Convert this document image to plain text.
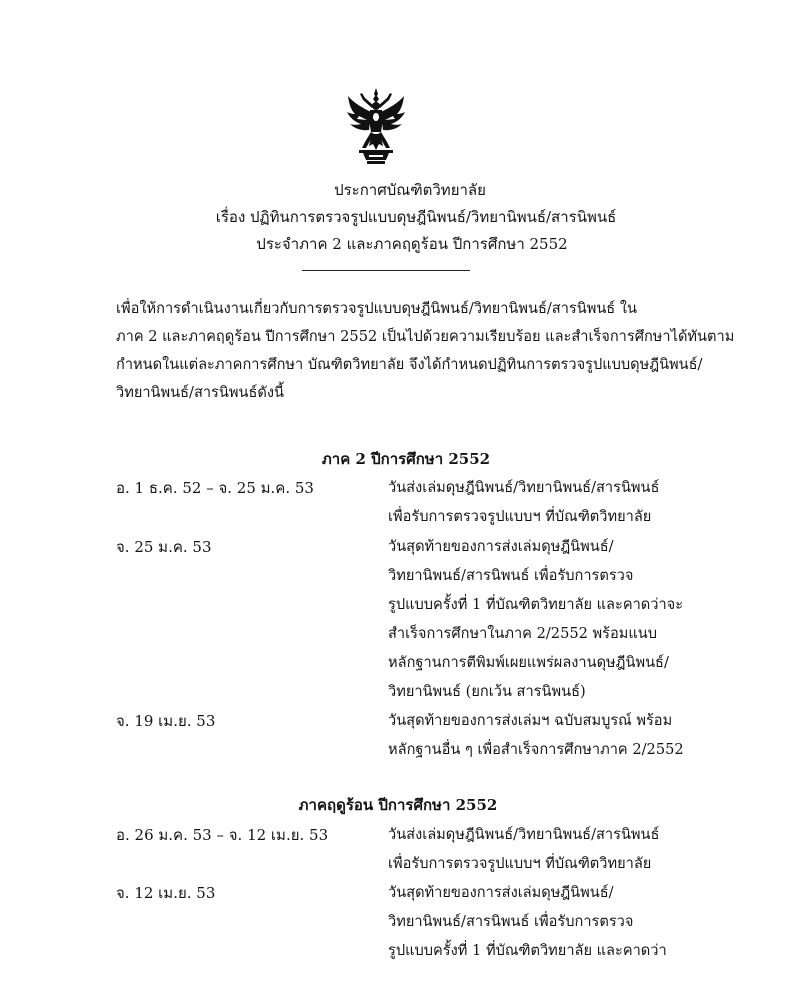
ประกาศบัณฑิตวิทยาลัย
เรื่อง ปฏิทินการตรวจรูปแบบดุษฎีนิพนธ์/วิทยานิพนธ์/สารนิพนธ์
ประจำภาค 2 และภาคฤดูร้อน ปีการศึกษา 2552
เพื่อให้การดำเนินงานเกี่ยวกับการตรวจรูปแบบดุษฎีนิพนธ์/วิทยานิพนธ์/สารนิพนธ์ ใน
ภาค 2 และภาคฤดูร้อน ปีการศึกษา 2552 เป็นไปด้วยความเรียบร้อย และสำเร็จการศึกษาได้ทันตาม
กำหนดในแต่ละภาคการศึกษา บัณฑิตวิทยาลัย จึงได้กำหนดปฏิทินการตรวจรูปแบบดุษฎีนิพนธ์/
วิทยานิพนธ์/สารนิพนธ์ดังนี้
ภาค 2 ปีการศึกษา 2552
อ. 1 ธ.ค. 52 – จ. 25 ม.ค. 53	วันส่งเล่มดุษฎีนิพนธ์/วิทยานิพนธ์/สารนิพนธ์
เพื่อรับการตรวจรูปแบบฯ ที่บัณฑิตวิทยาลัย
จ. 25 ม.ค. 53	วันสุดท้ายของการส่งเล่มดุษฎีนิพนธ์/
วิทยานิพนธ์/สารนิพนธ์ เพื่อรับการตรวจ
รูปแบบครั้งที่ 1 ที่บัณฑิตวิทยาลัย และคาดว่าจะ
สำเร็จการศึกษาในภาค 2/2552 พร้อมแนบ
หลักฐานการตีพิมพ์เผยแพร่ผลงานดุษฎีนิพนธ์/
วิทยานิพนธ์ (ยกเว้น สารนิพนธ์)
จ. 19 เม.ย. 53	วันสุดท้ายของการส่งเล่มฯ ฉบับสมบูรณ์ พร้อม
หลักฐานอื่น ๆ เพื่อสำเร็จการศึกษาภาค 2/2552
ภาคฤดูร้อน ปีการศึกษา 2552
อ. 26 ม.ค. 53 – จ. 12 เม.ย. 53	วันส่งเล่มดุษฎีนิพนธ์/วิทยานิพนธ์/สารนิพนธ์
เพื่อรับการตรวจรูปแบบฯ ที่บัณฑิตวิทยาลัย
จ. 12 เม.ย. 53	วันสุดท้ายของการส่งเล่มดุษฎีนิพนธ์/
วิทยานิพนธ์/สารนิพนธ์ เพื่อรับการตรวจ
รูปแบบครั้งที่ 1 ที่บัณฑิตวิทยาลัย และคาดว่า
